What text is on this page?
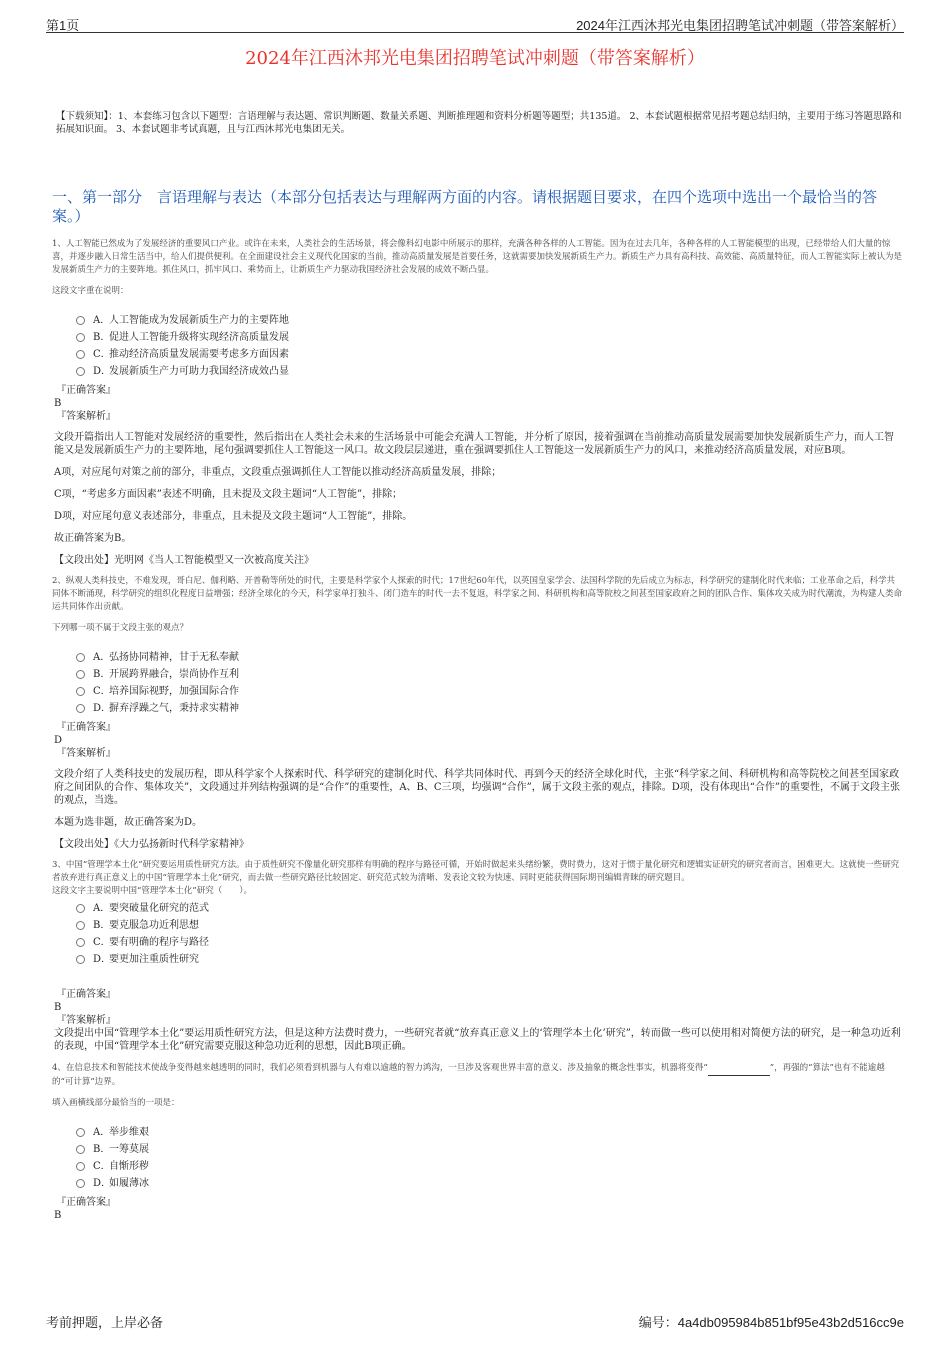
第1页	2024年江西沐邦光电集团招聘笔试冲刺题（带答案解析）
2024年江西沐邦光电集团招聘笔试冲刺题（带答案解析）

【下载须知】：1、本套练习包含以下题型：言语理解与表达题、常识判断题、数量关系题、判断推理题和资料分析题等题型；共135道。 2、本套试题根据常见招考题总结归纳，主要用于练习答题思路和拓展知识面。 3、本套试题非考试真题，且与江西沐邦光电集团无关。

一、第一部分　言语理解与表达（本部分包括表达与理解两方面的内容。请根据题目要求，在四个选项中选出一个最恰当的答案。）

1、人工智能已然成为了发展经济的重要风口产业。或许在未来，人类社会的生活场景，将会像科幻电影中所展示的那样，充满各种各样的人工智能。因为在过去几年，各种各样的人工智能模型的出现，已经带给人们大量的惊喜，并逐步融入日常生活当中，给人们提供便利。在全面建设社会主义现代化国家的当前，推动高质量发展是首要任务，这就需要加快发展新质生产力。新质生产力具有高科技、高效能、高质量特征，而人工智能实际上被认为是发展新质生产力的主要阵地。抓住风口，抓牢风口、乘势而上，让新质生产力驱动我国经济社会发展的成效不断凸显。

这段文字重在说明：

A．
人工智能成为发展新质生产力的主要阵地
B．
促进人工智能升级将实现经济高质量发展
C．
推动经济高质量发展需要考虑多方面因素
D．
发展新质生产力可助力我国经济成效凸显
『正确答案』
B
『答案解析』

文段开篇指出人工智能对发展经济的重要性，然后指出在人类社会未来的生活场景中可能会充满人工智能，并分析了原因，接着强调在当前推动高质量发展需要加快发展新质生产力，而人工智能又是发展新质生产力的主要阵地，尾句强调要抓住人工智能这一风口。故文段层层递进，重在强调要抓住人工智能这一发展新质生产力的风口，来推动经济高质量发展，对应B项。

A项，对应尾句对策之前的部分，非重点，文段重点强调抓住人工智能以推动经济高质量发展，排除；

C项，“考虑多方面因素”表述不明确，且未提及文段主题词“人工智能”，排除；

D项，对应尾句意义表述部分，非重点，且未提及文段主题词“人工智能”，排除。

故正确答案为B。

【文段出处】光明网《当人工智能模型又一次被高度关注》

2、纵观人类科技史，不难发现，哥白尼、伽利略、开普勒等所处的时代，主要是科学家个人探索的时代；17世纪60年代，以英国皇家学会、法国科学院的先后成立为标志，科学研究的建制化时代来临；工业革命之后，科学共同体不断涌现，科学研究的组织化程度日益增强；经济全球化的今天，科学家单打独斗、闭门造车的时代一去不复返，科学家之间、科研机构和高等院校之间甚至国家政府之间的团队合作、集体攻关成为时代潮流，为构建人类命运共同体作出贡献。

下列哪一项不属于文段主张的观点？

A．
弘扬协同精神，甘于无私奉献
B．
开展跨界融合，崇尚协作互利
C．
培养国际视野，加强国际合作
D．
摒弃浮躁之气，秉持求实精神
『正确答案』
D
『答案解析』

文段介绍了人类科技史的发展历程，即从科学家个人探索时代、科学研究的建制化时代、科学共同体时代、再到今天的经济全球化时代，主张“科学家之间、科研机构和高等院校之间甚至国家政府之间团队的合作、集体攻关”，文段通过并列结构强调的是“合作”的重要性，A、B、C三项，均强调“合作”，属于文段主张的观点，排除。D项，没有体现出“合作”的重要性，不属于文段主张的观点，当选。

本题为选非题，故正确答案为D。

【文段出处】《大力弘扬新时代科学家精神》

3、中国“管理学本土化”研究要运用质性研究方法。由于质性研究不像量化研究那样有明确的程序与路径可循，开始时做起来头绪纷繁，费时费力，这对于惯于量化研究和逻辑实证研究的研究者而言，困难更大。这就使一些研究者放弃进行真正意义上的中国“管理学本土化”研究，而去做一些研究路径比较固定、研究范式较为清晰、发表论文较为快速、同时更能获得国际期刊编辑青睐的研究题目。

这段文字主要说明中国“管理学本土化”研究（　　）。

A．
要突破量化研究的范式
B．
要克服急功近利思想
C．
要有明确的程序与路径
D．
要更加注重质性研究
『正确答案』
B
『答案解析』

文段提出中国“管理学本土化”要运用质性研究方法，但是这种方法费时费力，一些研究者就“放弃真正意义上的‘管理学本土化’研究”，转而做一些可以使用相对简便方法的研究，是一种急功近利的表现，中国“管理学本土化”研究需要克服这种急功近利的思想，因此B项正确。

4、在信息技术和智能技术使战争变得越来越透明的同时，我们必须看到机器与人有难以逾越的智力鸿沟，一旦涉及客观世界丰富的意义、涉及抽象的概念性事实，机器将变得“	”，再强的“算法”也有不能逾越的“可计算”边界。

填入画横线部分最恰当的一项是：

A．
举步维艰
B．
一筹莫展
C．
自惭形秽
D．
如履薄冰
『正确答案』
B
考前押题，上岸必备	编号：4a4db095984b851bf95e43b2d516cc9e
